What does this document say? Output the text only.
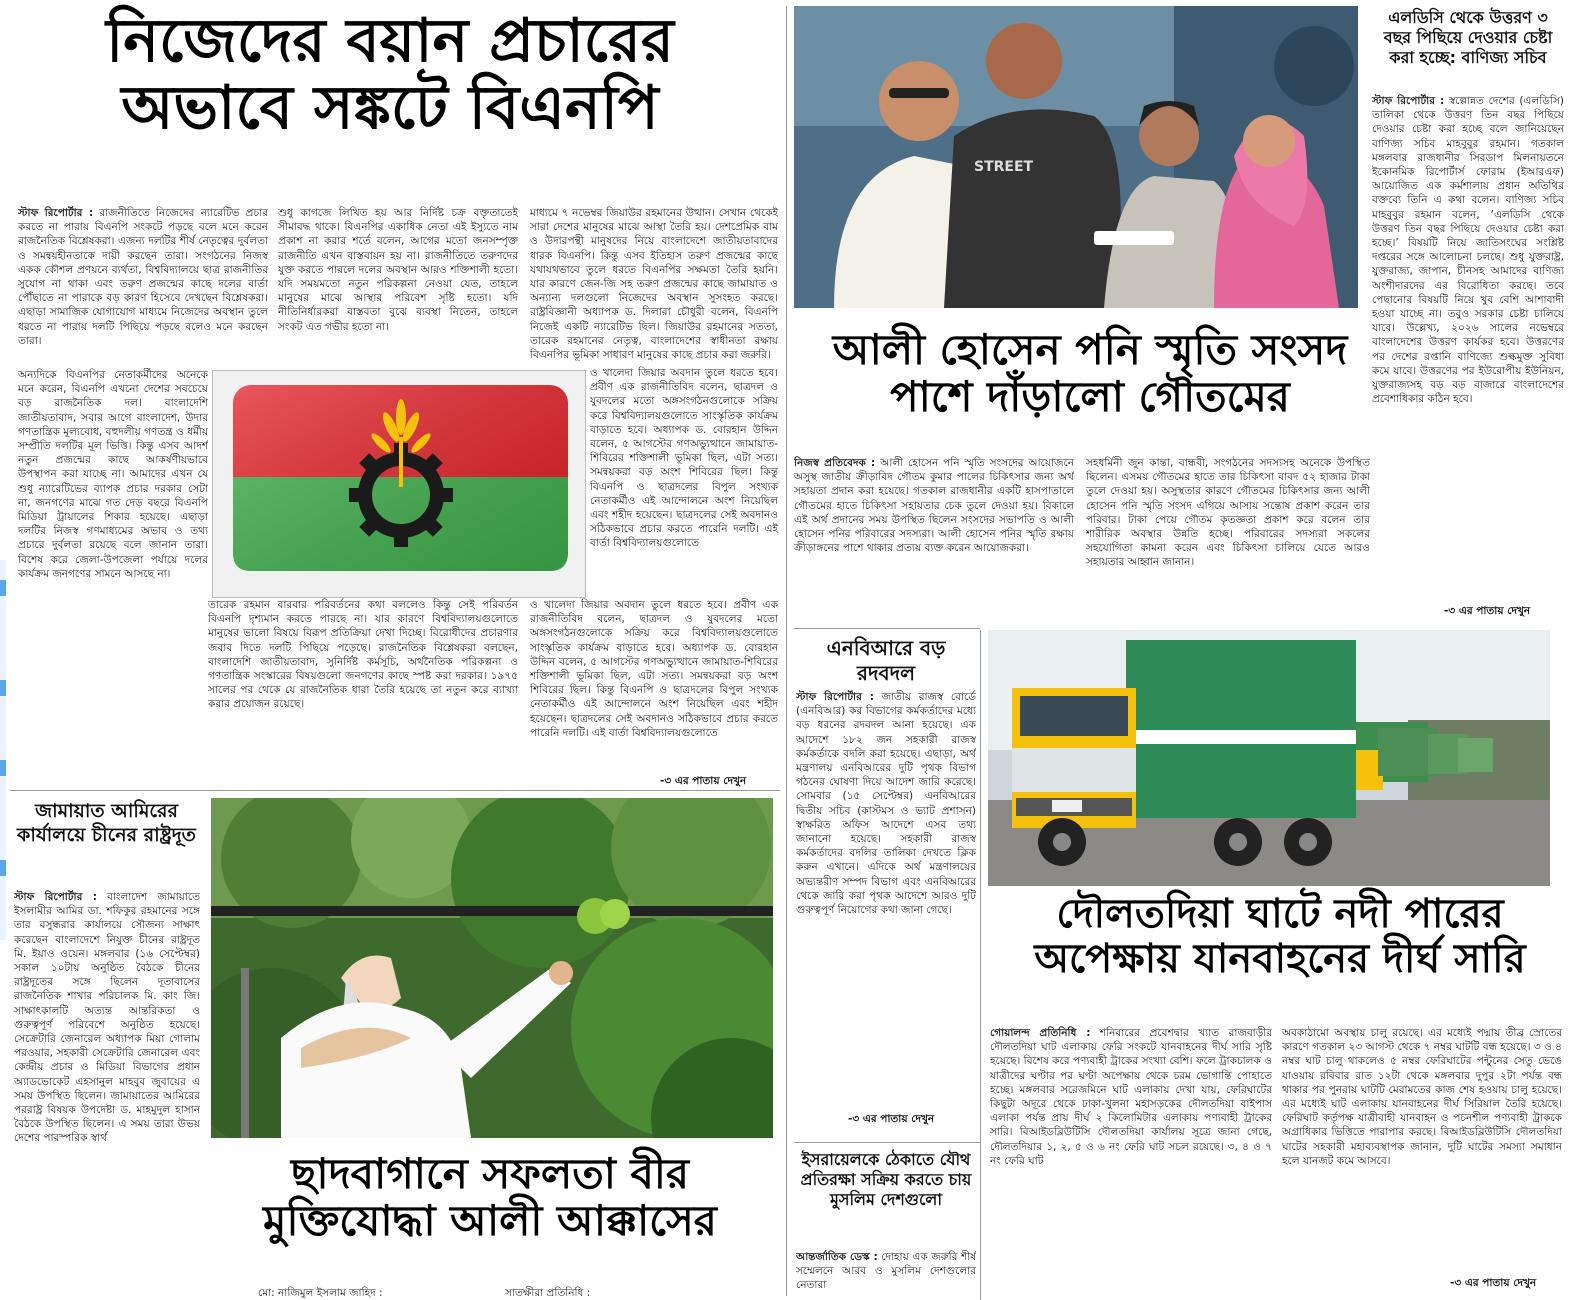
নিজেদের বয়ান প্রচারের অভাবে সঙ্কটে বিএনপি
স্টাফ রিপোর্টার : রাজনীতিতে নিজেদের ন্যারেটিভ প্রচার করতে না পারায় বিএনপি সংকটে পড়ছে বলে মনে করেন রাজনৈতিক বিশ্লেষকরা। এজন্য দলটির শীর্ষ নেতৃত্বের দুর্বলতা ও সমন্বয়হীনতাকে দায়ী করছেন তারা। সংগঠনের নিজস্ব একক কৌশল প্রণয়নে ব্যর্থতা, বিশ্ববিদ্যালয়ে ছাত্র রাজনীতির সুযোগ না থাকা এবং তরুণ প্রজন্মের কাছে দলের বার্তা পৌঁছাতে না পারাকে বড় কারণ হিসেবে দেখছেন বিশ্লেষকরা। এছাড়া সামাজিক যোগাযোগ মাধ্যমে নিজেদের অবস্থান তুলে ধরতে না পারায় দলটি পিছিয়ে পড়ছে বলেও মনে করছেন তারা।
অন্যদিকে বিএনপির নেতাকর্মীদের অনেকে মনে করেন, বিএনপি এখনো দেশের সবচেয়ে বড় রাজনৈতিক দল। বাংলাদেশি জাতীয়তাবাদ, সবার আগে বাংলাদেশ, উদার গণতান্ত্রিক মূল্যবোধ, বহুদলীয় গণতন্ত্র ও ধর্মীয় সম্প্রীতি দলটির মূল ভিত্তি। কিন্তু এসব আদর্শ নতুন প্রজন্মের কাছে আকর্ষণীয়ভাবে উপস্থাপন করা যাচ্ছে না। আমাদের এখন যে শুধু ন্যারেটিভের ব্যাপক প্রচার দরকার সেটা না, জনগণের মাঝে গত দেড় বছরে বিএনপি মিডিয়া ট্রায়ালের শিকার হয়েছে। এছাড়া দলটির নিজস্ব গণমাধ্যমের অভাব ও তথ্য প্রচারে দুর্বলতা রয়েছে বলে জানান তারা। বিশেষ করে জেলা-উপজেলা পর্যায়ে দলের কার্যক্রম জনগণের সামনে আসছে না।
শুধু কাগজে লিখিত হয় আর নির্দিষ্ট চক্র বক্তৃতাতেই সীমাবদ্ধ থাকে। বিএনপির একাধিক নেতা এই ইস্যুতে নাম প্রকাশ না করার শর্তে বলেন, আগের মতো জনসম্পৃক্ত রাজনীতি এখন বাস্তবায়ন হয় না। রাজনীতিতে তরুণদের যুক্ত করতে পারলে দলের অবস্থান আরও শক্তিশালী হতো। যদি সময়মতো নতুন পরিকল্পনা নেওয়া যেত, তাহলে মানুষের মাঝে আস্থার পরিবেশ সৃষ্টি হতো। যদি নীতিনির্ধারকরা বাস্তবতা বুঝে ব্যবস্থা নিতেন, তাহলে সংকট এত গভীর হতো না।
তারেক রহমান বারবার পরিবর্তনের কথা বললেও কিন্তু সেই পরিবর্তন বিএনপি দৃশ্যমান করতে পারছে না। যার কারণে বিশ্ববিদ্যালয়গুলোতে মানুষের ভালো বিষয়ে বিরূপ প্রতিক্রিয়া দেখা দিচ্ছে। বিরোধীদের প্রচারণার জবাব দিতে দলটি পিছিয়ে পড়েছে। রাজনৈতিক বিশ্লেষকরা বলছেন, বাংলাদেশি জাতীয়তাবাদ, সুনির্দিষ্ট কর্মসূচি, অর্থনৈতিক পরিকল্পনা ও গণতান্ত্রিক সংস্কারের বিষয়গুলো জনগণের কাছে স্পষ্ট করা দরকার। ১৯৭৫ সালের পর থেকে যে রাজনৈতিক ধারা তৈরি হয়েছে তা নতুন করে ব্যাখ্যা করার প্রয়োজন রয়েছে।
মাধ্যমে ৭ নভেম্বর জিয়াউর রহমানের উত্থান। সেখান থেকেই সারা দেশের মানুষের মাঝে আস্থা তৈরি হয়। দেশপ্রেমিক বাম ও উদারপন্থী মানুষদের নিয়ে বাংলাদেশে জাতীয়তাবাদের ধারক বিএনপি। কিন্তু এসব ইতিহাস তরুণ প্রজন্মের কাছে যথাযথভাবে তুলে ধরতে বিএনপির সক্ষমতা তৈরি হয়নি। যার কারণে জেন-জি সহ তরুণ প্রজন্মের কাছে জামায়াত ও অন্যান্য দলগুলো নিজেদের অবস্থান সুসংহত করছে। রাষ্ট্রবিজ্ঞানী অধ্যাপক ড. দিলারা চৌধুরী বলেন, বিএনপি নিজেই একটি ন্যারেটিভ ছিল। জিয়াউর রহমানের সততা, তারেক রহমানের নেতৃত্ব, বাংলাদেশের স্বাধীনতা রক্ষায় বিএনপির ভূমিকা সাধারণ মানুষের কাছে প্রচার করা জরুরি।
ও খালেদা জিয়ার অবদান তুলে ধরতে হবে। প্রবীণ এক রাজনীতিবিদ বলেন, ছাত্রদল ও যুবদলের মতো অঙ্গসংগঠনগুলোকে সক্রিয় করে বিশ্ববিদ্যালয়গুলোতে সাংস্কৃতিক কার্যক্রম বাড়াতে হবে। অধ্যাপক ড. বোরহান উদ্দিন বলেন, ৫ আগস্টের গণঅভ্যুত্থানে জামায়াত-শিবিরের শক্তিশালী ভূমিকা ছিল, এটা সত্য। সমন্বয়করা বড় অংশ শিবিরের ছিল। কিন্তু বিএনপি ও ছাত্রদলের বিপুল সংখ্যক নেতাকর্মীও এই আন্দোলনে অংশ নিয়েছিল এবং শহীদ হয়েছেন। ছাত্রদলের সেই অবদানও সঠিকভাবে প্রচার করতে পারেনি দলটি। এই বার্তা বিশ্ববিদ্যালয়গুলোতে
ও খালেদা জিয়ার অবদান তুলে ধরতে হবে। প্রবীণ এক রাজনীতিবিদ বলেন, ছাত্রদল ও যুবদলের মতো অঙ্গসংগঠনগুলোকে সক্রিয় করে বিশ্ববিদ্যালয়গুলোতে সাংস্কৃতিক কার্যক্রম বাড়াতে হবে। অধ্যাপক ড. বোরহান উদ্দিন বলেন, ৫ আগস্টের গণঅভ্যুত্থানে জামায়াত-শিবিরের শক্তিশালী ভূমিকা ছিল, এটা সত্য। সমন্বয়করা বড় অংশ শিবিরের ছিল। কিন্তু বিএনপি ও ছাত্রদলের বিপুল সংখ্যক নেতাকর্মীও এই আন্দোলনে অংশ নিয়েছিল এবং শহীদ হয়েছেন। ছাত্রদলের সেই অবদানও সঠিকভাবে প্রচার করতে পারেনি দলটি। এই বার্তা বিশ্ববিদ্যালয়গুলোতে
-৩ এর পাতায় দেখুন
জামায়াত আমিরের কার্যালয়ে চীনের রাষ্ট্রদূত
স্টাফ রিপোর্টার : বাংলাদেশ জামায়াতে ইসলামীর আমির ডা. শফিকুর রহমানের সঙ্গে তার বসুন্ধরার কার্যালয়ে সৌজন্য সাক্ষাৎ করেছেন বাংলাদেশে নিযুক্ত চীনের রাষ্ট্রদূত মি. ইয়াও ওয়েন। মঙ্গলবার (১৬ সেপ্টেম্বর) সকাল ১০টায় অনুষ্ঠিত বৈঠকে চীনের রাষ্ট্রদূতের সঙ্গে ছিলেন দূতাবাসের রাজনৈতিক শাখার পরিচালক মি. কাং জি। সাক্ষাৎকালটি অত্যন্ত আন্তরিকতা ও গুরুত্বপূর্ণ পরিবেশে অনুষ্ঠিত হয়েছে। সেক্রেটারি জেনারেল অধ্যাপক মিয়া গোলাম পরওয়ার, সহকারী সেক্রেটারি জেনারেল এবং কেন্দ্রীয় প্রচার ও মিডিয়া বিভাগের প্রধান অ্যাডভোকেট এহসানুল মাহবুব জুবায়ের এ সময় উপস্থিত ছিলেন। জামায়াতের আমিরের পররাষ্ট্র বিষয়ক উপদেষ্টা ড. মাহমুদুল হাসান বৈঠকে উপস্থিত ছিলেন। এ সময় তারা উভয় দেশের পারস্পরিক স্বার্থ
ছাদবাগানে সফলতা বীর মুক্তিযোদ্ধা আলী আক্কাসের
মো: নাজিমুল ইসলাম জাহিদ :	সাতক্ষীরা প্রতিনিধি :
STREET
আলী হোসেন পনি স্মৃতি সংসদ পাশে দাঁড়ালো গৌতমের
নিজস্ব প্রতিবেদক : আলী হোসেন পনি স্মৃতি সংসদের আয়োজনে অসুস্থ জাতীয় ক্রীড়াবিদ গৌতম কুমার পালের চিকিৎসার জন্য অর্থ সহায়তা প্রদান করা হয়েছে। গতকাল রাজধানীর একটি হাসপাতালে গৌতমের হাতে চিকিৎসা সহায়তার চেক তুলে দেওয়া হয়। বিকালে এই অর্থ প্রদানের সময় উপস্থিত ছিলেন সংসদের সভাপতি ও আলী হোসেন পনির পরিবারের সদস্যরা। আলী হোসেন পনির স্মৃতি রক্ষায় ক্রীড়াঙ্গনের পাশে থাকার প্রত্যয় ব্যক্ত করেন আয়োজকরা।
সহধর্মিনী জুন কান্তা, বান্ধবী, সংগঠনের সদস্যসহ অনেকে উপস্থিত ছিলেন। এসময় গৌতমের হাতে তার চিকিৎসা বাবদ ৫২ হাজার টাকা তুলে দেওয়া হয়। অসুস্থতার কারণে গৌতমের চিকিৎসার জন্য আলী হোসেন পনি স্মৃতি সংসদ এগিয়ে আসায় সন্তোষ প্রকাশ করেন তার পরিবার। টাকা পেয়ে গৌতম কৃতজ্ঞতা প্রকাশ করে বলেন তার শারীরিক অবস্থার উন্নতি হচ্ছে। পরিবারের সদস্যরা সকলের সহযোগিতা কামনা করেন এবং চিকিৎসা চালিয়ে যেতে আরও সহায়তার আহ্বান জানান।
এলডিসি থেকে উত্তরণ ৩ বছর পিছিয়ে দেওয়ার চেষ্টা করা হচ্ছে: বাণিজ্য সচিব
স্টাফ রিপোর্টার : স্বল্পোন্নত দেশের (এলডিসি) তালিকা থেকে উত্তরণ তিন বছর পিছিয়ে দেওয়ার চেষ্টা করা হচ্ছে বলে জানিয়েছেন বাণিজ্য সচিব মাহবুবুর রহমান। গতকাল মঙ্গলবার রাজধানীর সিরডাপ মিলনায়তনে ইকোনমিক রিপোর্টার্স ফোরাম (ইআরএফ) আয়োজিত এক কর্মশালায় প্রধান অতিথির বক্তব্যে তিনি এ কথা বলেন। বাণিজ্য সচিব মাহবুবুর রহমান বলেন, ‘এলডিসি থেকে উত্তরণ তিন বছর পিছিয়ে দেওয়ার চেষ্টা করা হচ্ছে।’ বিষয়টি নিয়ে জাতিসংঘের সংশ্লিষ্ট দপ্তরের সঙ্গে আলোচনা চলছে। শুধু যুক্তরাষ্ট্র, যুক্তরাজ্য, জাপান, চীনসহ আমাদের বাণিজ্য অংশীদারদের এর বিরোধিতা করছে। তবে পেছানোর বিষয়টি নিয়ে খুব বেশি আশাবাদী হওয়া যাচ্ছে না। তবুও সরকার চেষ্টা চালিয়ে যাবে। উল্লেখ্য, ২০২৬ সালের নভেম্বরে বাংলাদেশের উত্তরণ কার্যকর হবে। উত্তরণের পর দেশের রপ্তানি বাণিজ্যে শুল্কমুক্ত সুবিধা কমে যাবে। উত্তরণের পর ইউরোপীয় ইউনিয়ন, যুক্তরাজ্যসহ বড় বড় বাজারে বাংলাদেশের প্রবেশাধিকার কঠিন হবে।
-৩ এর পাতায় দেখুন
এনবিআরে বড় রদবদল
স্টাফ রিপোর্টার : জাতীয় রাজস্ব বোর্ডে (এনবিআর) কর বিভাগের কর্মকর্তাদের মধ্যে বড় ধরনের রদবদল আনা হয়েছে। এক আদেশে ১৮২ জন সহকারী রাজস্ব কর্মকর্তাকে বদলি করা হয়েছে। এছাড়া, অর্থ মন্ত্রণালয় এনবিআরের দুটি পৃথক বিভাগ গঠনের ঘোষণা দিয়ে আদেশ জারি করেছে। সোমবার (১৫ সেপ্টেম্বর) এনবিআরের দ্বিতীয় সচিব (কাস্টমস ও ভ্যাট প্রশাসন) স্বাক্ষরিত অফিস আদেশে এসব তথ্য জানানো হয়েছে। সহকারী রাজস্ব কর্মকর্তাদের বদলির তালিকা দেখতে ক্লিক করুন এখানে। এদিকে অর্থ মন্ত্রণালয়ের অভ্যন্তরীণ সম্পদ বিভাগ এবং এনবিআরের থেকে জারি করা পৃথক আদেশে আরও দুটি গুরুত্বপূর্ণ নিয়োগের কথা জানা গেছে।
-৩ এর পাতায় দেখুন
ইসরায়েলকে ঠেকাতে যৌথ প্রতিরক্ষা সক্রিয় করতে চায় মুসলিম দেশগুলো
আন্তর্জাতিক ডেস্ক : দোহায় এক জরুরি শীর্ষ সম্মেলনে আরব ও মুসলিম দেশগুলোর নেতারা
দৌলতদিয়া ঘাটে নদী পারের অপেক্ষায় যানবাহনের দীর্ঘ সারি
গোয়ালন্দ প্রতিনিধি : শনিবারের প্রবেশদ্বার খ্যাত রাজবাড়ীর দৌলতদিয়া ঘাট এলাকায় ফেরি সংকটে যানবাহনের দীর্ঘ সারি সৃষ্টি হয়েছে। বিশেষ করে পণ্যবাহী ট্রাকের সংখ্যা বেশি। ফলে ট্রাকচালক ও যাত্রীদের ঘণ্টার পর ঘণ্টা অপেক্ষায় থেকে চরম ভোগান্তি পোহাতে হচ্ছে। মঙ্গলবার সরেজমিনে ঘাট এলাকায় দেখা যায়, ফেরিঘাটের কিছুটা অদূরে থেকে ঢাকা-খুলনা মহাসড়কের দৌলতদিয়া বাইপাস এলাকা পর্যন্ত প্রায় দীর্ঘ ২ কিলোমিটার এলাকায় পণ্যবাহী ট্রাকের সারি। বিআইডব্লিউটিসি দৌলতদিয়া কার্যালয় সূত্রে জানা গেছে, দৌলতদিয়ার ১, ২, ৫ ও ৬ নং ফেরি ঘাট সচল রয়েছে। ৩, ৪ ও ৭ নং ফেরি ঘাট
অবকাঠামো অবস্থায় চালু রয়েছে। এর মধ্যেই পদ্মায় তীব্র স্রোতের কারণে গতকাল ২৩ আগস্ট থেকে ৭ নম্বর ঘাটটি বন্ধ হয়েছে। ৩ ও ৪ নম্বর ঘাট চালু থাকলেও ৫ নম্বর ফেরিঘাটের পন্টুনের সেতু ভেঙে যাওয়ায় রবিবার রাত ১২টা থেকে মঙ্গলবার দুপুর ২টা পর্যন্ত বন্ধ থাকার পর পুনরায় ঘাটটি মেরামতের কাজ শেষ হওয়ায় চালু হয়েছে। এর মধ্যেই ঘাট এলাকায় যানবাহনের দীর্ঘ সিরিয়াল তৈরি হয়েছে। ফেরিঘাট কর্তৃপক্ষ যাত্রীবাহী যানবাহন ও পচনশীল পণ্যবাহী ট্রাককে অগ্রাধিকার ভিত্তিতে পারাপার করছে। বিআইডব্লিউটিসি দৌলতদিয়া ঘাটের সহকারী মহাব্যবস্থাপক জানান, দুটি ঘাটের সমস্যা সমাধান হলে যানজট কমে আসবে।
-৩ এর পাতায় দেখুন
